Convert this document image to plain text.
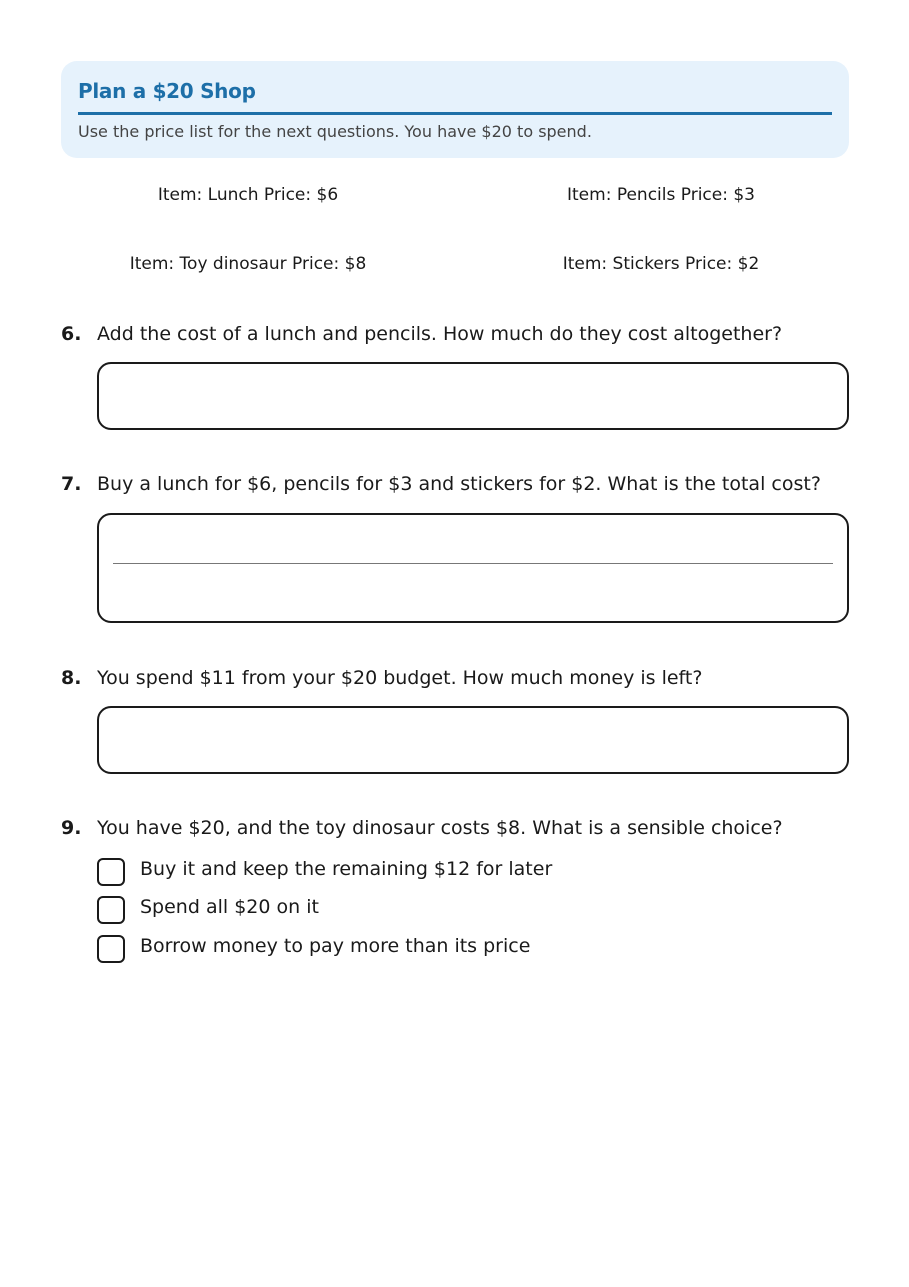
Plan a $20 Shop
Use the price list for the next questions. You have $20 to spend.
Item: Lunch Price: $6	Item: Pencils Price: $3
Item: Toy dinosaur Price: $8	Item: Stickers Price: $2
6. Add the cost of a lunch and pencils. How much do they cost altogether?
7. Buy a lunch for $6, pencils for $3 and stickers for $2. What is the total cost?
8. You spend $11 from your $20 budget. How much money is left?
9. You have $20, and the toy dinosaur costs $8. What is a sensible choice?
Buy it and keep the remaining $12 for later
Spend all $20 on it
Borrow money to pay more than its price
